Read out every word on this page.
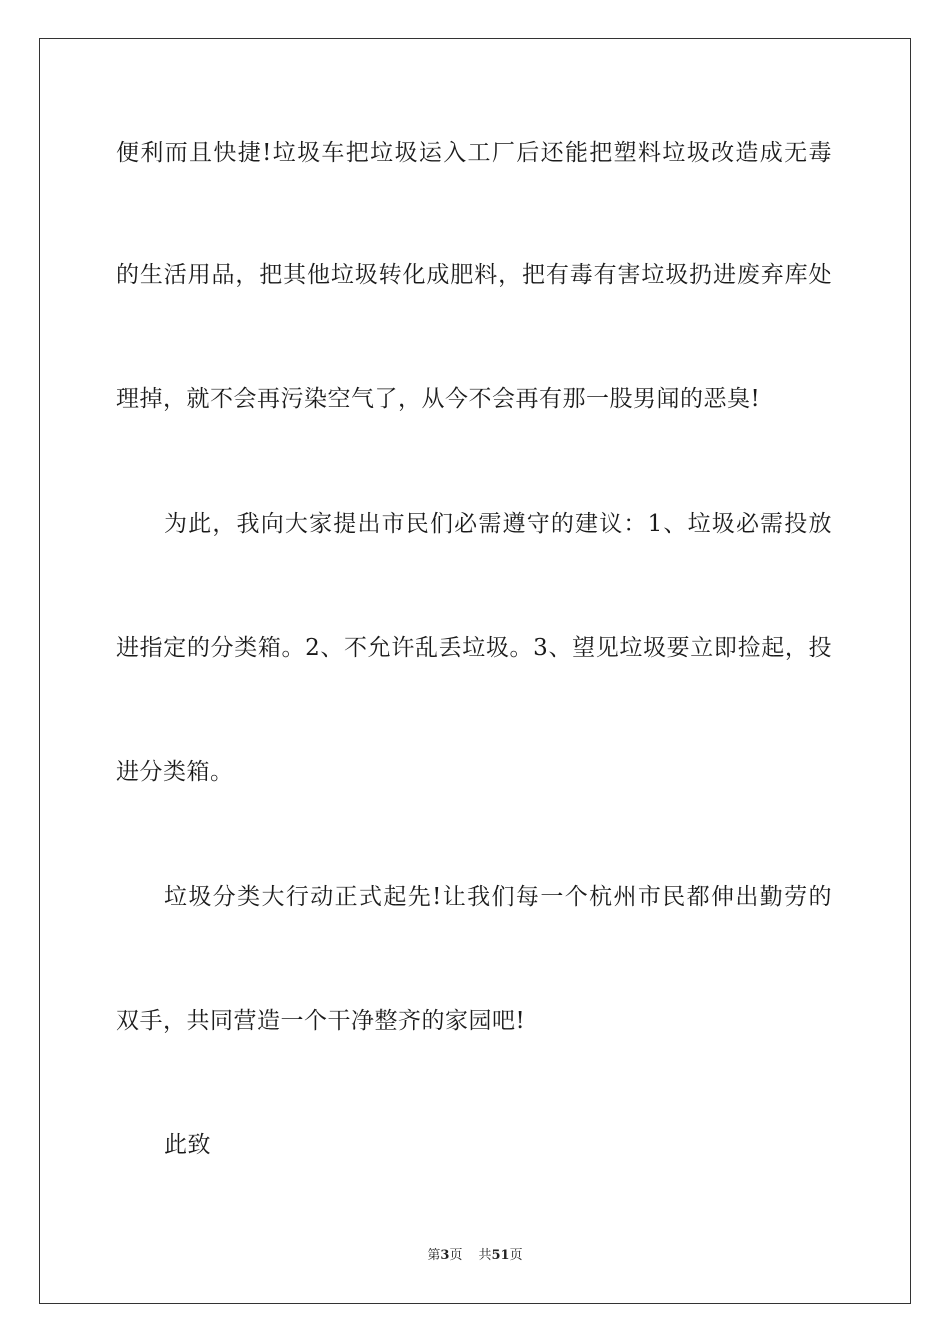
便利而且快捷!垃圾车把垃圾运入工厂后还能把塑料垃圾改造成无毒
的生活用品，把其他垃圾转化成肥料，把有毒有害垃圾扔进废弃库处
理掉，就不会再污染空气了，从今不会再有那一股男闻的恶臭!
为此，我向大家提出市民们必需遵守的建议：1、垃圾必需投放
进指定的分类箱。2、不允许乱丢垃圾。3、望见垃圾要立即捡起，投
进分类箱。
垃圾分类大行动正式起先!让我们每一个杭州市民都伸出勤劳的
双手，共同营造一个干净整齐的家园吧!
此致
第3页 共51页
